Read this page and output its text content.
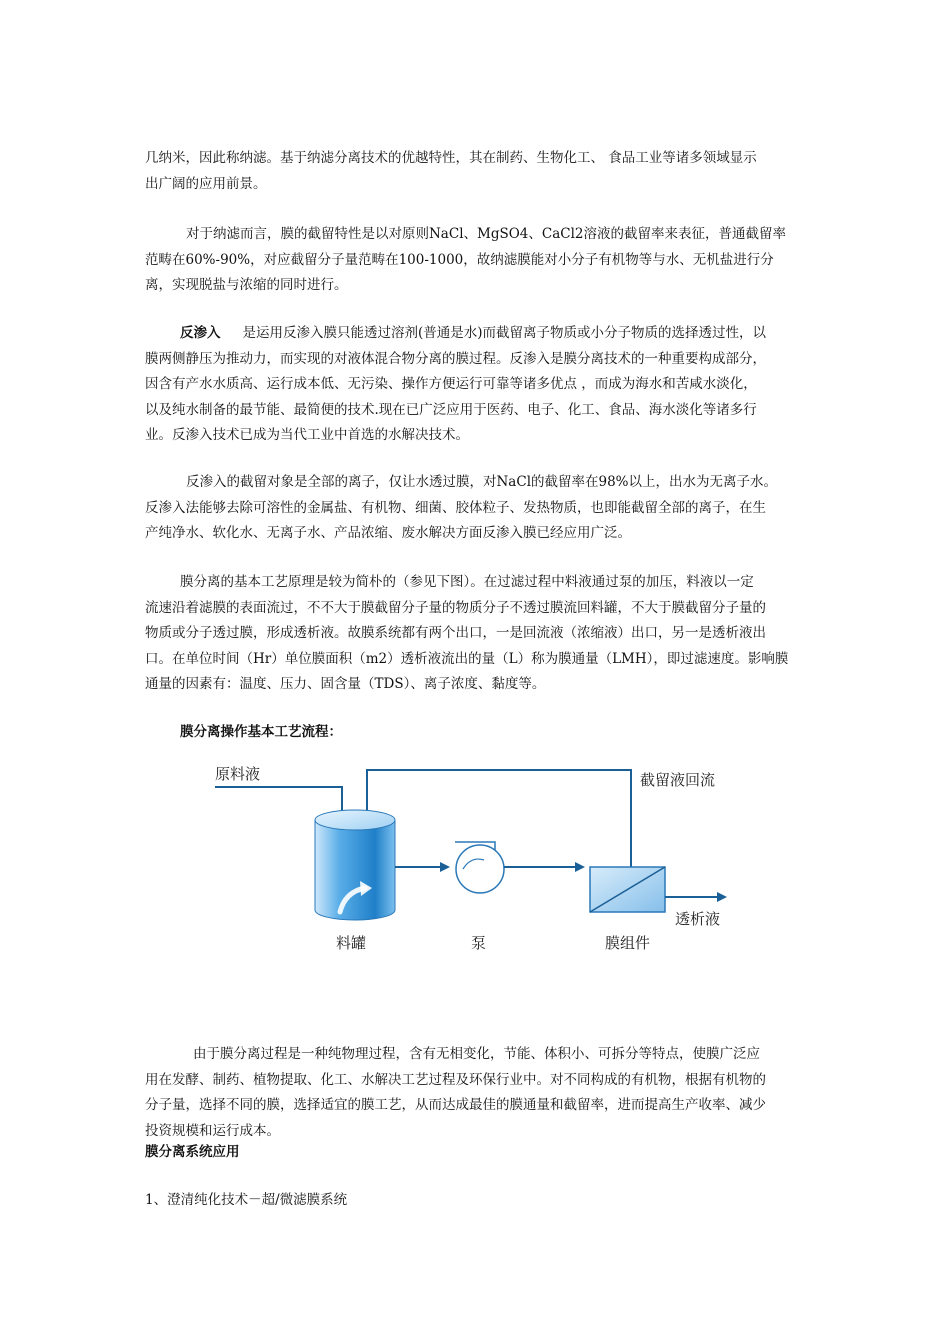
几纳米，因此称纳滤。基于纳滤分离技术的优越特性，其在制药、生物化工、 食品工业等诸多领域显示
出广阔的应用前景。
对于纳滤而言，膜的截留特性是以对原则NaCl、MgSO4、CaCl2溶液的截留率来表征，普通截留率
范畴在60%-90%，对应截留分子量范畴在100-1000，故纳滤膜能对小分子有机物等与水、无机盐进行分
离，实现脱盐与浓缩的同时进行。
反渗入 是运用反渗入膜只能透过溶剂(普通是水)而截留离子物质或小分子物质的选择透过性，以
膜两侧静压为推动力，而实现的对液体混合物分离的膜过程。反渗入是膜分离技术的一种重要构成部分，
因含有产水水质高、运行成本低、无污染、操作方便运行可靠等诸多优点 ，而成为海水和苦咸水淡化，
以及纯水制备的最节能、最简便的技术.现在已广泛应用于医药、电子、化工、食品、海水淡化等诸多行
业。反渗入技术已成为当代工业中首选的水解决技术。
反渗入的截留对象是全部的离子，仅让水透过膜，对NaCl的截留率在98%以上，出水为无离子水。
反渗入法能够去除可溶性的金属盐、有机物、细菌、胶体粒子、发热物质，也即能截留全部的离子，在生
产纯净水、软化水、无离子水、产品浓缩、废水解决方面反渗入膜已经应用广泛。
膜分离的基本工艺原理是较为简朴的（参见下图）。在过滤过程中料液通过泵的加压，料液以一定
流速沿着滤膜的表面流过，不不大于膜截留分子量的物质分子不透过膜流回料罐，不大于膜截留分子量的
物质或分子透过膜，形成透析液。故膜系统都有两个出口，一是回流液（浓缩液）出口，另一是透析液出
口。在单位时间（Hr）单位膜面积（m2）透析液流出的量（L）称为膜通量（LMH），即过滤速度。影响膜
通量的因素有：温度、压力、固含量（TDS）、离子浓度、黏度等。

膜分离操作基本工艺流程：

原料液	截留液回流
料罐	泵	膜组件
透析液
由于膜分离过程是一种纯物理过程，含有无相变化，节能、体积小、可拆分等特点，使膜广泛应
用在发酵、制药、植物提取、化工、水解决工艺过程及环保行业中。对不同构成的有机物，根据有机物的
分子量，选择不同的膜，选择适宜的膜工艺，从而达成最佳的膜通量和截留率，进而提高生产收率、减少
投资规模和运行成本。

膜分离系统应用

1、澄清纯化技术－超/微滤膜系统
